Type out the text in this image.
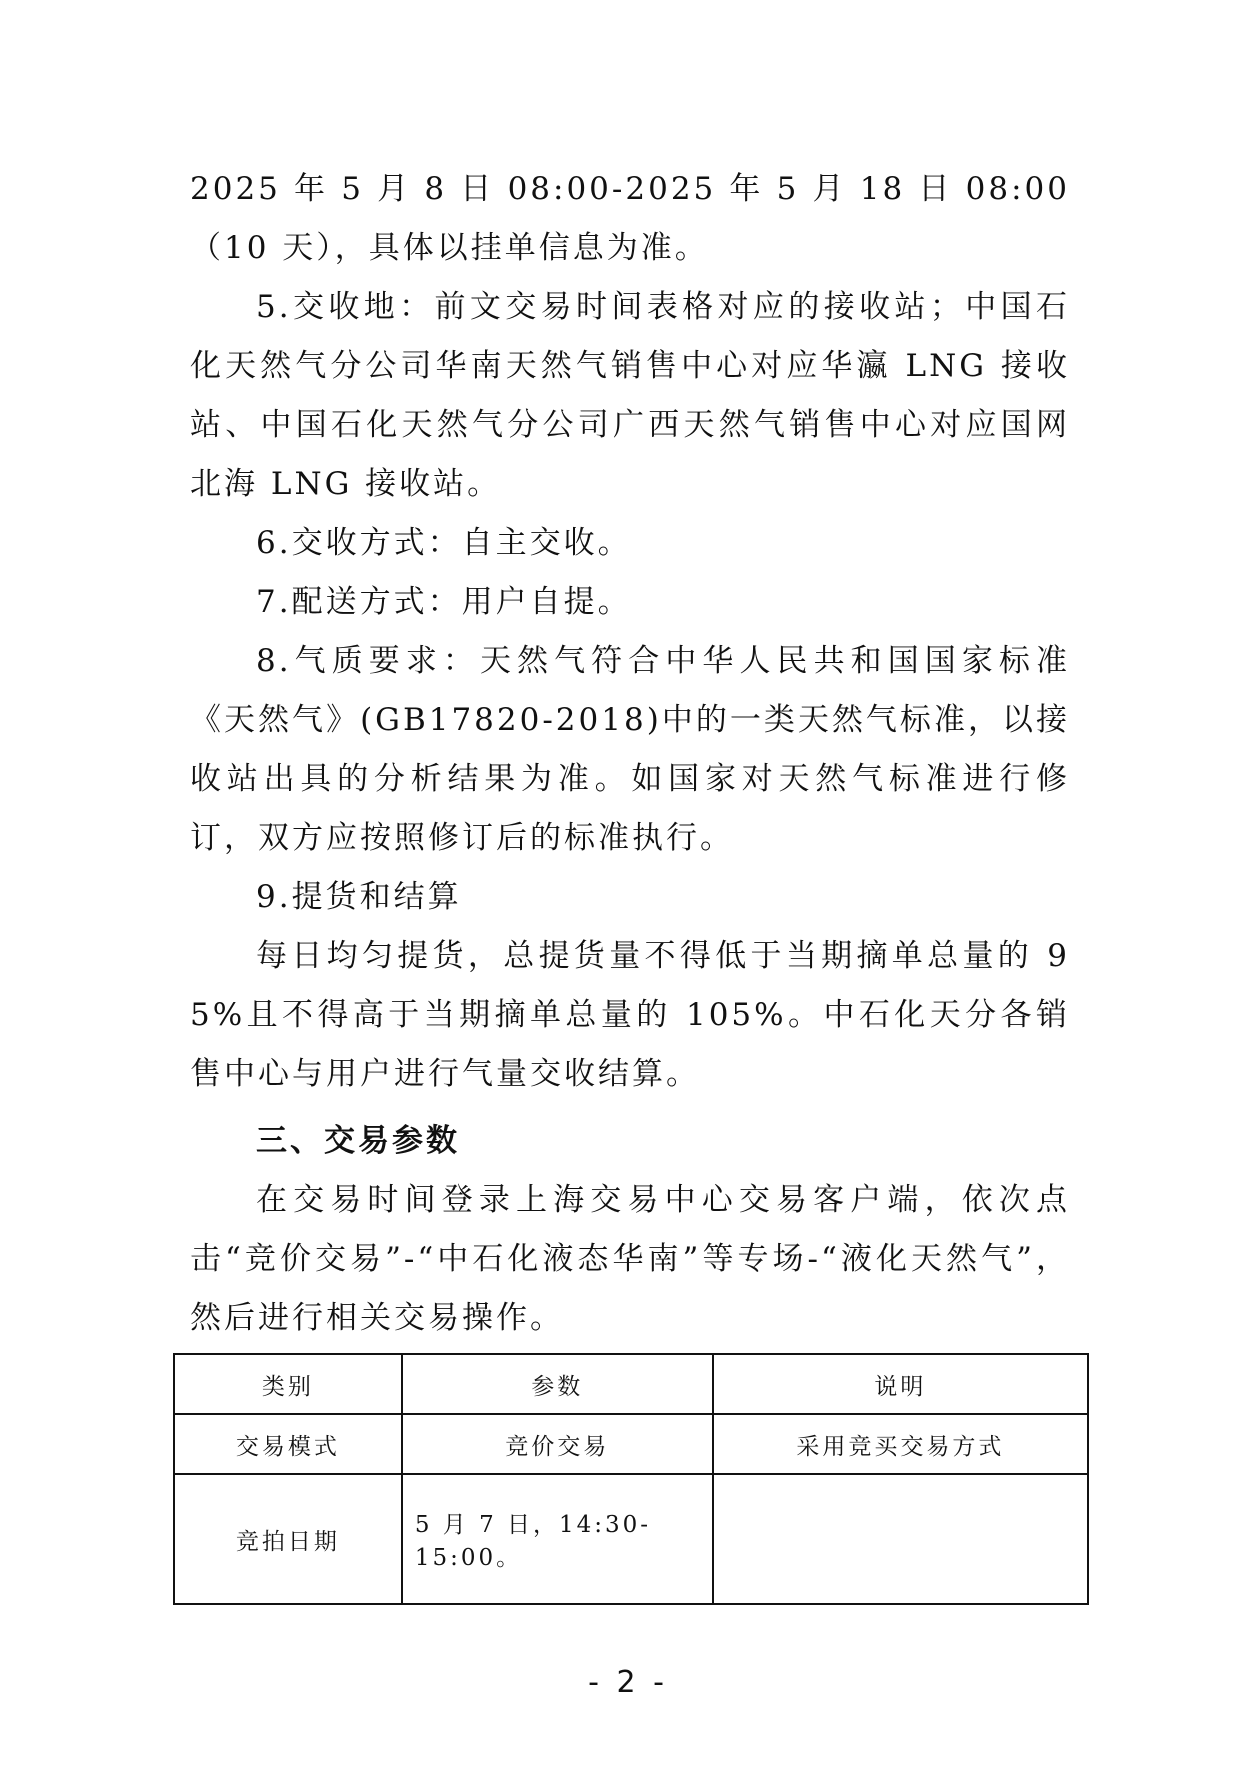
2025 年 5 月 8 日 08:00-2025 年 5 月 18 日 08:00（10 天），具体以挂单信息为准。

5.交收地：前文交易时间表格对应的接收站；中国石化天然气分公司华南天然气销售中心对应华瀛 LNG 接收站、中国石化天然气分公司广西天然气销售中心对应国网北海 LNG 接收站。

6.交收方式：自主交收。

7.配送方式：用户自提。

8.气质要求：天然气符合中华人民共和国国家标准《天然气》(GB17820-2018)中的一类天然气标准，以接收站出具的分析结果为准。如国家对天然气标准进行修订，双方应按照修订后的标准执行。

9.提货和结算

每日均匀提货，总提货量不得低于当期摘单总量的 95%且不得高于当期摘单总量的 105%。中石化天分各销售中心与用户进行气量交收结算。

三、交易参数

在交易时间登录上海交易中心交易客户端，依次点击“竞价交易”-“中石化液态华南”等专场-“液化天然气”，然后进行相关交易操作。

类别	参数	说明
交易模式	竞价交易	采用竞买交易方式
竞拍日期	5 月 7 日，14:30-15:00。	
- 2 -
